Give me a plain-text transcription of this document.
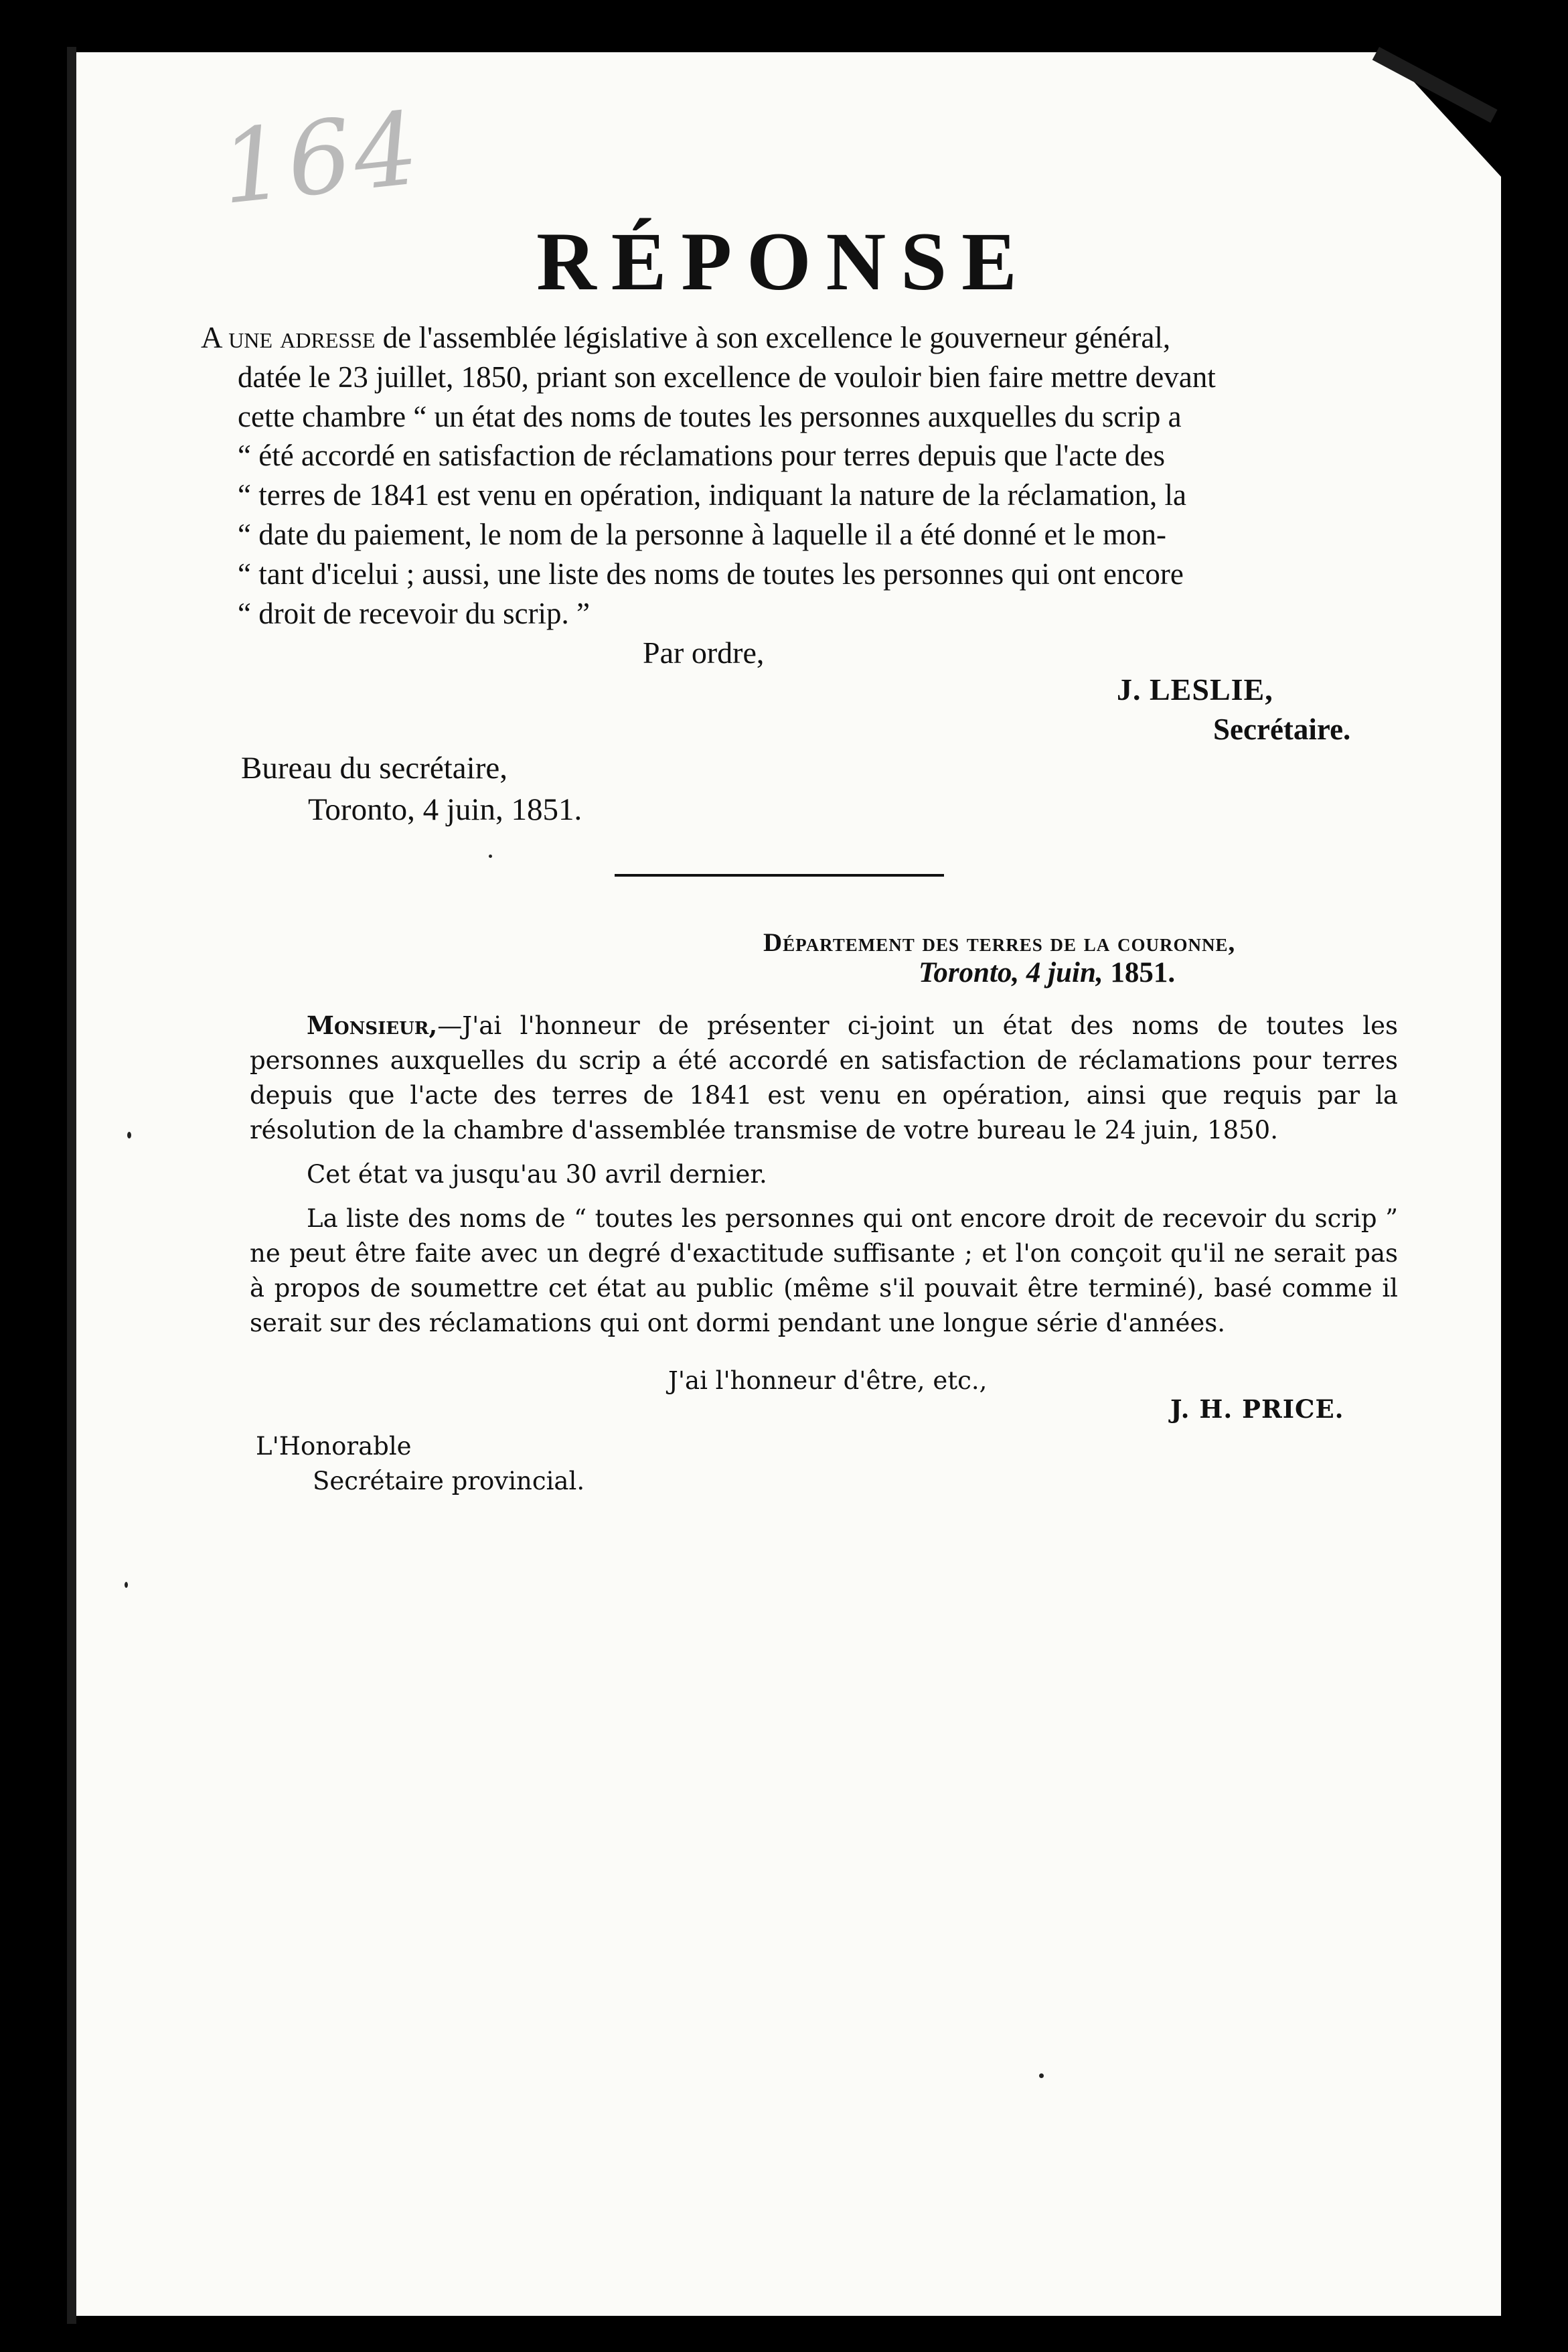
164
RÉPONSE
A une adresse de l'assemblée législative à son excellence le gouverneur général,
datée le 23 juillet, 1850, priant son excellence de vouloir bien faire mettre devant
cette chambre “ un état des noms de toutes les personnes auxquelles du scrip a
“ été accordé en satisfaction de réclamations pour terres depuis que l'acte des
“ terres de 1841 est venu en opération, indiquant la nature de la réclamation, la
“ date du paiement, le nom de la personne à laquelle il a été donné et le mon-
“ tant d'icelui ; aussi, une liste des noms de toutes les personnes qui ont encore
“ droit de recevoir du scrip. ”
Par ordre,
J. LESLIE,
Secrétaire.
Bureau du secrétaire,
Toronto, 4 juin, 1851.
Département des terres de la couronne,
Toronto, 4 juin, 1851.

Monsieur,—J'ai l'honneur de présenter ci-joint un état des noms de toutes les personnes auxquelles du scrip a été accordé en satisfaction de réclamations pour terres depuis que l'acte des terres de 1841 est venu en opération, ainsi que requis par la résolution de la chambre d'assemblée transmise de votre bureau le 24 juin, 1850.

Cet état va jusqu'au 30 avril dernier.

La liste des noms de “ toutes les personnes qui ont encore droit de recevoir du scrip ” ne peut être faite avec un degré d'exactitude suffisante ; et l'on conçoit qu'il ne serait pas à propos de soumettre cet état au public (même s'il pouvait être terminé), basé comme il serait sur des réclamations qui ont dormi pendant une longue série d'années.

J'ai l'honneur d'être, etc.,
J. H. PRICE.
L'Honorable
Secrétaire provincial.
